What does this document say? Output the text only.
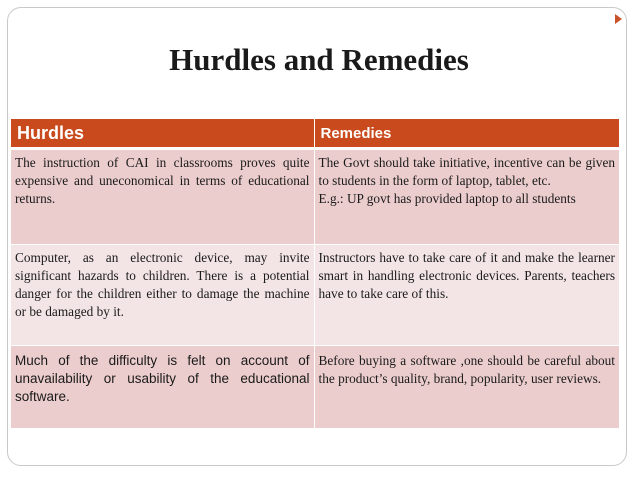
Hurdles and Remedies
Hurdles	Remedies
The instruction of CAI in classrooms proves quite expensive and uneconomical in terms of educational returns.	The Govt should take initiative, incentive can be given to students in the form of laptop, tablet, etc.
E.g.: UP govt has provided laptop to all students

Computer, as an electronic device, may invite significant hazards to children. There is a potential danger for the children either to damage the machine or be damaged by it.	Instructors have to take care of it and make the learner smart in handling electronic devices. Parents, teachers have to take care of this.

Much of the difficulty is felt on account of unavailability or usability of the educational software.	Before buying a software ,one should be careful about the product’s quality, brand, popularity, user reviews.
